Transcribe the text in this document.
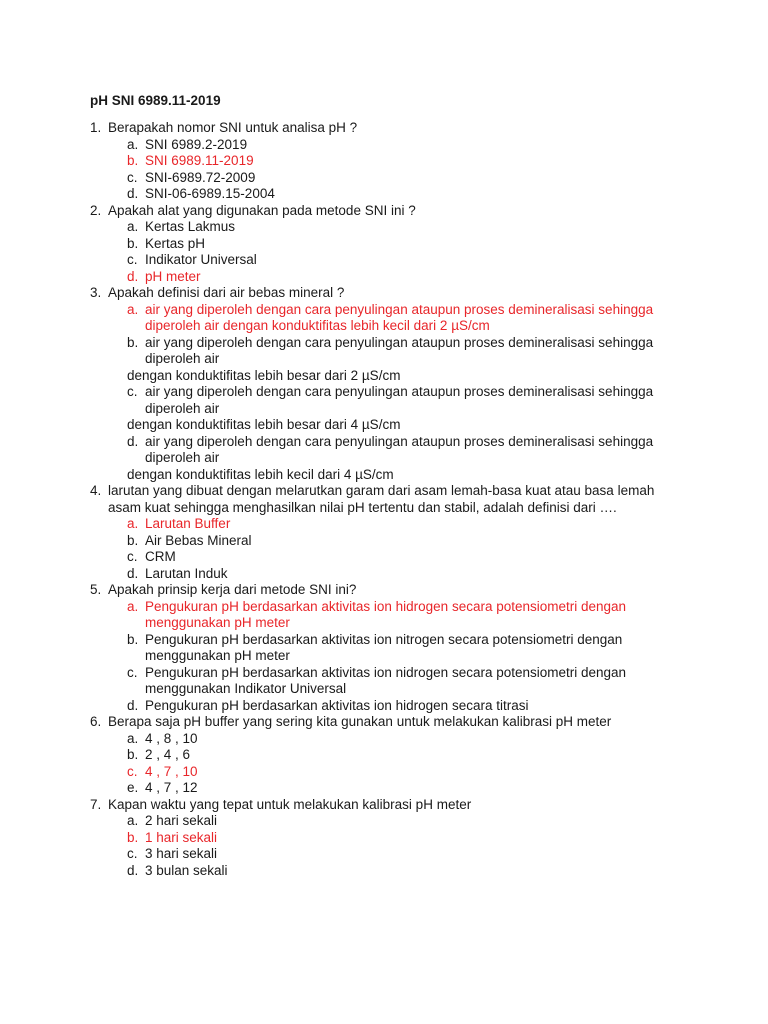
pH SNI 6989.11-2019
1. Berapakah nomor SNI untuk analisa pH ?
a. SNI 6989.2-2019
b. SNI 6989.11-2019
c. SNI-6989.72-2009
d. SNI-06-6989.15-2004
2. Apakah alat yang digunakan pada metode SNI ini ?
a. Kertas Lakmus
b. Kertas pH
c. Indikator Universal
d. pH meter
3. Apakah definisi dari air bebas mineral ?
a. air yang diperoleh dengan cara penyulingan ataupun proses demineralisasi sehingga
diperoleh air dengan konduktifitas lebih kecil dari 2 µS/cm
b. air yang diperoleh dengan cara penyulingan ataupun proses demineralisasi sehingga
diperoleh air
dengan konduktifitas lebih besar dari 2 µS/cm
c. air yang diperoleh dengan cara penyulingan ataupun proses demineralisasi sehingga
diperoleh air
dengan konduktifitas lebih besar dari 4 µS/cm
d. air yang diperoleh dengan cara penyulingan ataupun proses demineralisasi sehingga
diperoleh air
dengan konduktifitas lebih kecil dari 4 µS/cm
4. larutan yang dibuat dengan melarutkan garam dari asam lemah-basa kuat atau basa lemah asam kuat sehingga menghasilkan nilai pH tertentu dan stabil, adalah definisi dari ….
a. Larutan Buffer
b. Air Bebas Mineral
c. CRM
d. Larutan Induk
5. Apakah prinsip kerja dari metode SNI ini?
a. Pengukuran pH berdasarkan aktivitas ion hidrogen secara potensiometri dengan
menggunakan pH meter
b. Pengukuran pH berdasarkan aktivitas ion nitrogen secara potensiometri dengan
menggunakan pH meter
c. Pengukuran pH berdasarkan aktivitas ion nidrogen secara potensiometri dengan
menggunakan Indikator Universal
d. Pengukuran pH berdasarkan aktivitas ion hidrogen secara titrasi
6. Berapa saja pH buffer yang sering kita gunakan untuk melakukan kalibrasi pH meter
a. 4 , 8 , 10
b. 2 , 4 , 6
c. 4 , 7 , 10
e. 4 , 7 , 12
7. Kapan waktu yang tepat untuk melakukan kalibrasi pH meter
a. 2 hari sekali
b. 1 hari sekali
c. 3 hari sekali
d. 3 bulan sekali
